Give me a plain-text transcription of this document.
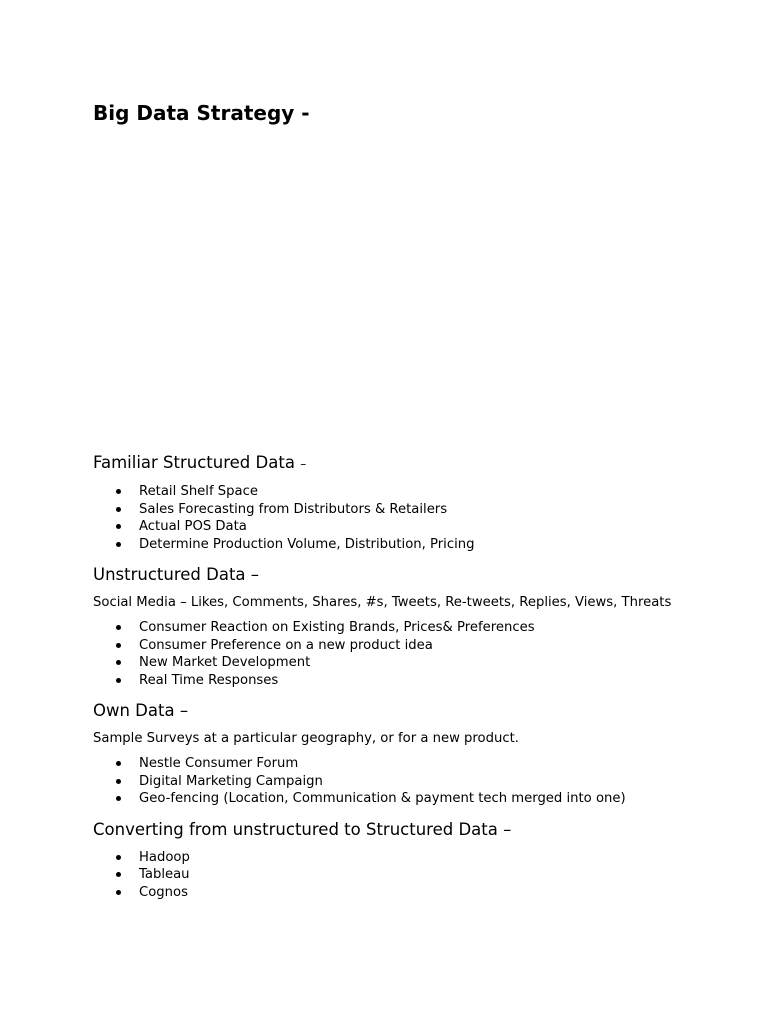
Big Data Strategy -
Familiar Structured Data –
Retail Shelf Space
Sales Forecasting from Distributors & Retailers
Actual POS Data
Determine Production Volume, Distribution, Pricing
Unstructured Data –

Social Media – Likes, Comments, Shares, #s, Tweets, Re-tweets, Replies, Views, Threats

Consumer Reaction on Existing Brands, Prices& Preferences
Consumer Preference on a new product idea
New Market Development
Real Time Responses
Own Data –

Sample Surveys at a particular geography, or for a new product.

Nestle Consumer Forum
Digital Marketing Campaign
Geo-fencing (Location, Communication & payment tech merged into one)
Converting from unstructured to Structured Data –
Hadoop
Tableau
Cognos
